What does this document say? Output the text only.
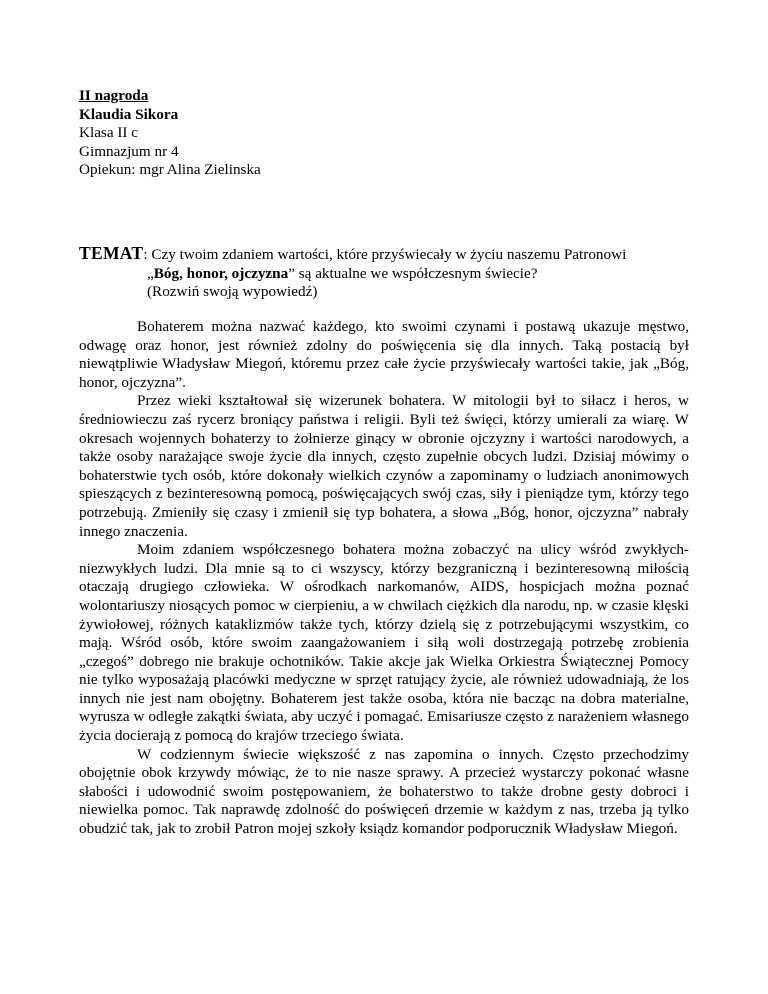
II nagroda
Klaudia Sikora
Klasa II c
Gimnazjum nr 4
Opiekun: mgr Alina Zielinska
TEMAT: Czy twoim zdaniem wartości, które przyświecały w życiu naszemu Patronowi
„Bóg, honor, ojczyzna” są aktualne we współczesnym świecie?
(Rozwiń swoją wypowiedź)

Bohaterem można nazwać każdego, kto swoimi czynami i postawą ukazuje męstwo, odwagę oraz honor, jest również zdolny do poświęcenia się dla innych. Taką postacią był niewątpliwie Władysław Miegoń, któremu przez całe życie przyświecały wartości takie, jak „Bóg, honor, ojczyzna”.

Przez wieki kształtował się wizerunek bohatera. W mitologii był to siłacz i heros, w średniowieczu zaś rycerz broniący państwa i religii. Byli też święci, którzy umierali za wiarę. W okresach wojennych bohaterzy to żołnierze ginący w obronie ojczyzny i wartości narodowych, a także osoby narażające swoje życie dla innych, często zupełnie obcych ludzi. Dzisiaj mówimy o bohaterstwie tych osób, które dokonały wielkich czynów a zapominamy o ludziach anonimowych spieszących z bezinteresowną pomocą, poświęcających swój czas, siły i pieniądze tym, którzy tego potrzebują. Zmieniły się czasy i zmienił się typ bohatera, a słowa „Bóg, honor, ojczyzna” nabrały innego znaczenia.

Moim zdaniem współczesnego bohatera można zobaczyć na ulicy wśród zwykłych-niezwykłych ludzi. Dla mnie są to ci wszyscy, którzy bezgraniczną i bezinteresowną miłością otaczają drugiego człowieka. W ośrodkach narkomanów, AIDS, hospicjach można poznać wolontariuszy niosących pomoc w cierpieniu, a w chwilach ciężkich dla narodu, np. w czasie klęski żywiołowej, różnych kataklizmów także tych, którzy dzielą się z potrzebującymi wszystkim, co mają. Wśród osób, które swoim zaangażowaniem i siłą woli dostrzegają potrzebę zrobienia „czegoś” dobrego nie brakuje ochotników. Takie akcje jak Wielka Orkiestra Świątecznej Pomocy nie tylko wyposażają placówki medyczne w sprzęt ratujący życie, ale również udowadniają, że los innych nie jest nam obojętny. Bohaterem jest także osoba, która nie bacząc na dobra materialne, wyrusza w odległe zakątki świata, aby uczyć i pomagać. Emisariusze często z narażeniem własnego życia docierają z pomocą do krajów trzeciego świata.

W codziennym świecie większość z nas zapomina o innych. Często przechodzimy obojętnie obok krzywdy mówiąc, że to nie nasze sprawy. A przecież wystarczy pokonać własne słabości i udowodnić swoim postępowaniem, że bohaterstwo to także drobne gesty dobroci i niewielka pomoc. Tak naprawdę zdolność do poświęceń drzemie w każdym z nas, trzeba ją tylko obudzić tak, jak to zrobił Patron mojej szkoły ksiądz komandor podporucznik Władysław Miegoń.
